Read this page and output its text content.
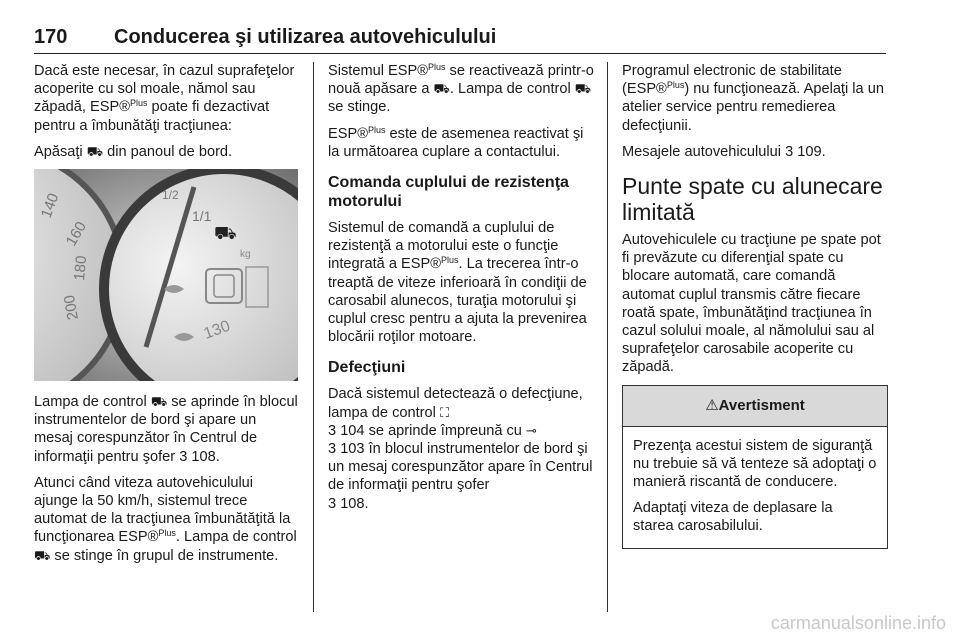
170 Conducerea şi utilizarea autovehiculului

Dacă este necesar, în cazul suprafeţelor acoperite cu sol moale, nămol sau zăpadă, ESP®$^{Plus}$ poate fi dezactivat pentru a îmbunătăţi tracţiunea:

Apăsaţi ⛟ din panoul de bord.

140
160
180
200
1/1
1/2
⛟
kg
130

Lampa de control ⛟ se aprinde în blocul instrumentelor de bord şi apare un mesaj corespunzător în Centrul de informaţii pentru şofer 3 108.

Atunci când viteza autovehiculului ajunge la 50 km/h, sistemul trece automat de la tracţiunea îmbunătăţită la funcţionarea ESP®$^{Plus}$. Lampa de control ⛟ se stinge în grupul de instrumente.

Sistemul ESP®$^{Plus}$ se reactivează printr-o nouă apăsare a ⛟. Lampa de control ⛟ se stinge.

ESP®$^{Plus}$ este de asemenea reactivat şi la următoarea cuplare a contactului.

Comanda cuplului de rezistenţa motorului

Sistemul de comandă a cuplului de rezistenţă a motorului este o funcţie integrată a ESP®$^{Plus}$. La trecerea într-o treaptă de viteze inferioară în condiţii de carosabil alunecos, turaţia motorului şi cuplul cresc pentru a ajuta la prevenirea blocării roţilor motoare.

Defecţiuni

Dacă sistemul detectează o defecţiune, lampa de control ⛶
3 104 se aprinde împreună cu ⊸
3 103 în blocul instrumentelor de bord şi un mesaj corespunzător apare în Centrul de informaţii pentru şofer
3 108.

Programul electronic de stabilitate (ESP®$^{Plus}$) nu funcţionează. Apelaţi la un atelier service pentru remedierea defecţiunii.

Mesajele autovehiculului 3 109.

Punte spate cu alunecare limitată

Autovehiculele cu tracţiune pe spate pot fi prevăzute cu diferenţial spate cu blocare automată, care comandă automat cuplul transmis către fiecare roată spate, îmbunătăţind tracţiunea în cazul solului moale, al nămolului sau al suprafeţelor carosabile acoperite cu zăpadă.

⚠ Avertisment

Prezenţa acestui sistem de siguranţă nu trebuie să vă tenteze să adoptaţi o manieră riscantă de conducere.

Adaptaţi viteza de deplasare la starea carosabilului.

carmanualsonline.info
